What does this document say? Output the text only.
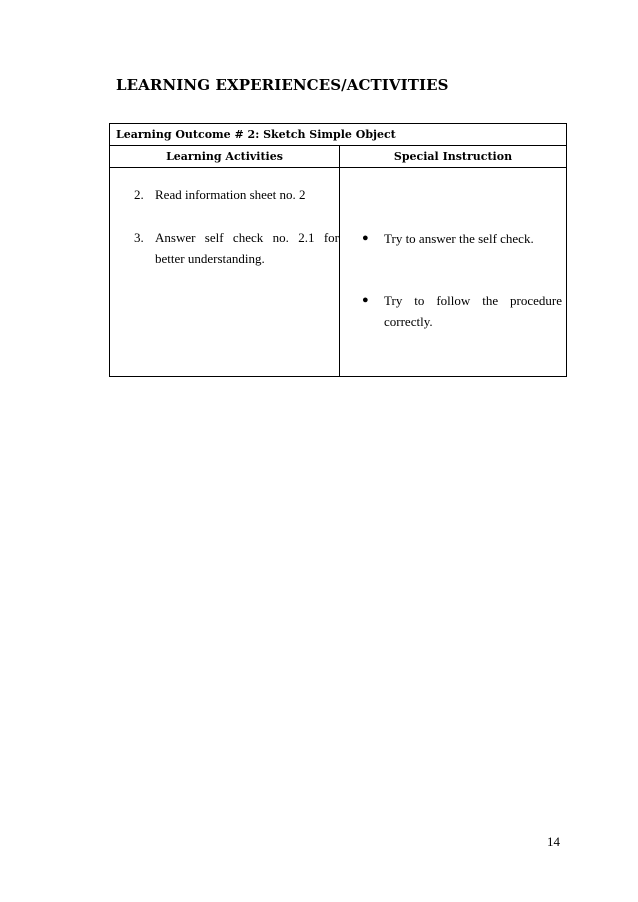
LEARNING EXPERIENCES/ACTIVITIES
Learning Outcome # 2: Sketch Simple Object
Learning Activities	Special Instruction
2. Read information sheet no. 2
3. Answer self check no. 2.1 for
better understanding.
● Try to answer the self check.
● Try to follow the procedure
correctly.
14
